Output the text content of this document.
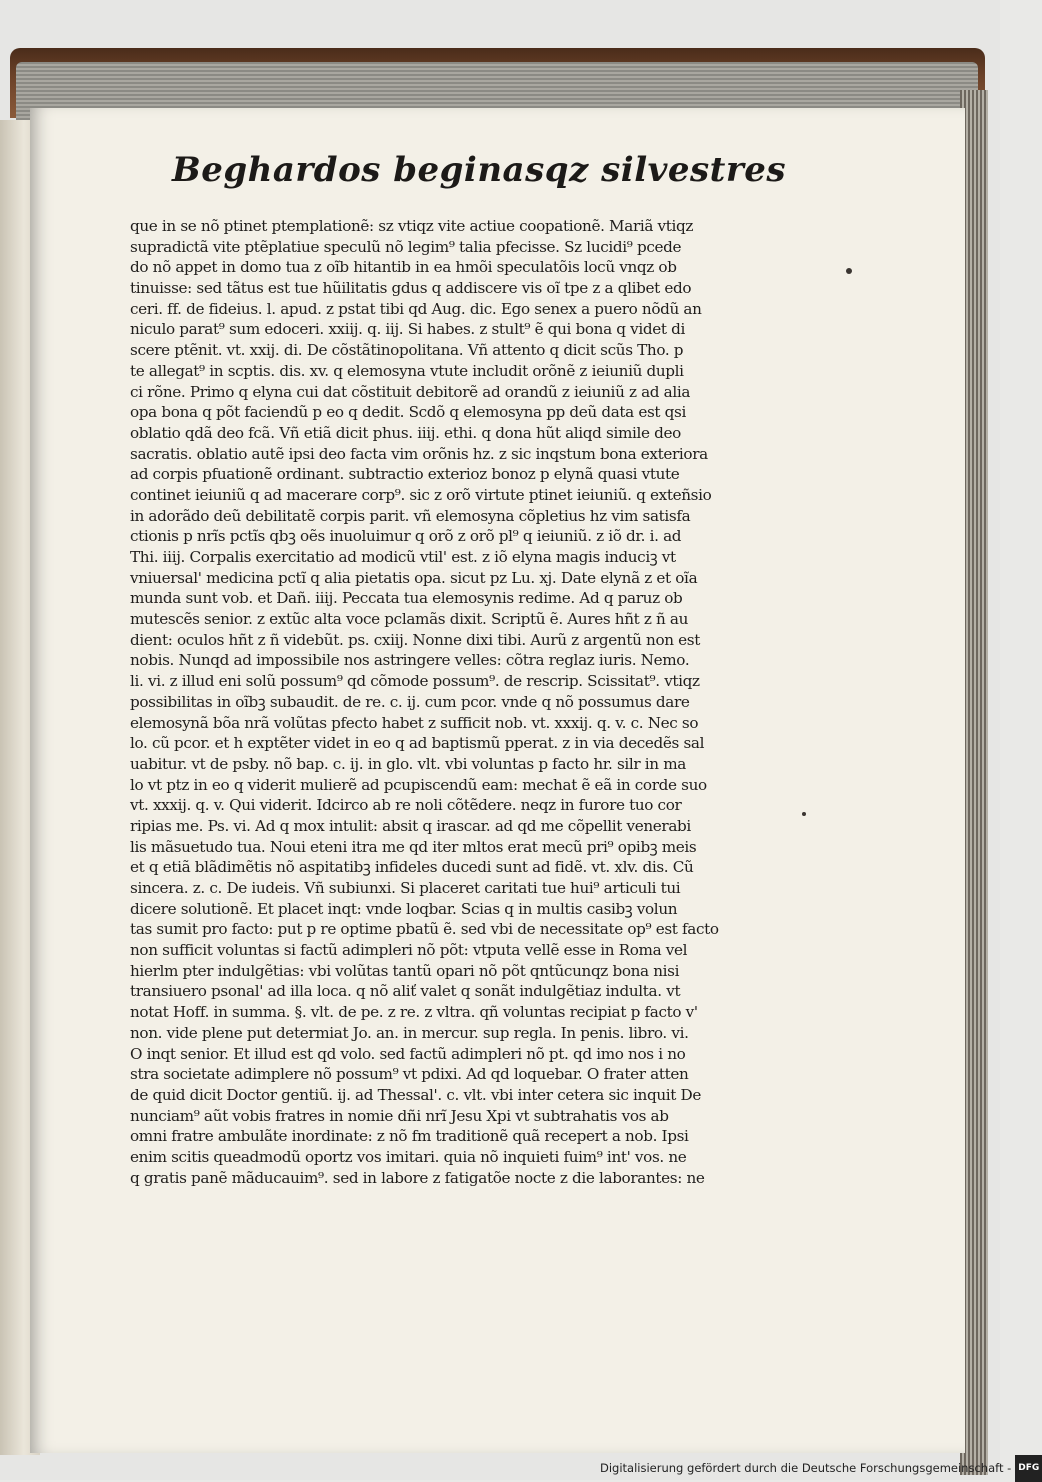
Beghardos beginasqz silvestres
que in se nõ ptinet ptemplationẽ: sz vtiqz vite actiue coopationẽ. Mariã vtiqz
supradictã vite ptẽplatiue speculũ nõ legim⁹ talia pfecisse. Sz lucidi⁹ pcede
do nõ appet in domo tua z oĩb hitantib in ea hmõi speculatõis locũ vnqz ob
tinuisse: sed tãtus est tue hũilitatis gdus q addiscere vis oĩ tpe z a qlibet edo
ceri. ff. de fideius. l. apud. z pstat tibi qd Aug. dic. Ego senex a puero nõdũ an
niculo parat⁹ sum edoceri. xxiij. q. iij. Si habes. z stult⁹ ẽ qui bona q videt di
scere ptẽnit. vt. xxij. di. De cõstãtinopolitana. Vñ attento q dicit scũs Tho. p
te allegat⁹ in scptis. dis. xv. q elemosyna vtute includit orõnẽ z ieiuniũ dupli
ci rõne. Primo q elyna cui dat cõstituit debitorẽ ad orandũ z ieiuniũ z ad alia
opa bona q põt faciendũ p eo q dedit. Scdõ q elemosyna pp deũ data est qsi
oblatio qdã deo fcã. Vñ etiã dicit phus. iiij. ethi. q dona hũt aliqd simile deo
sacratis. oblatio autẽ ipsi deo facta vim orõnis hz. z sic inqstum bona exteriora
ad corpis pfuationẽ ordinant. subtractio exterioz bonoz p elynã quasi vtute
continet ieiuniũ q ad macerare corp⁹. sic z orõ virtute ptinet ieiuniũ. q exteñsio
in adorãdo deũ debilitatẽ corpis parit. vñ elemosyna cõpletius hz vim satisfa
ctionis p nrĩs pctĩs qbꝫ oẽs inuoluimur q orõ z orõ pl⁹ q ieiuniũ. z iõ dr. i. ad
Thi. iiij. Corpalis exercitatio ad modicũ vtil' est. z iõ elyna magis induciꝫ vt
vniuersal' medicina pctĩ q alia pietatis opa. sicut pz Lu. xj. Date elynã z et oĩa
munda sunt vob. et Dañ. iiij. Peccata tua elemosynis redime. Ad q paruz ob
mutescẽs senior. z extũc alta voce pclamãs dixit. Scriptũ ẽ. Aures hñt z ñ au
dient: oculos hñt z ñ videbũt. ps. cxiij. Nonne dixi tibi. Aurũ z argentũ non est
nobis. Nunqd ad impossibile nos astringere velles: cõtra reglaz iuris. Nemo.
li. vi. z illud eni solũ possum⁹ qd cõmode possum⁹. de rescrip. Scissitat⁹. vtiqz
possibilitas in oĩbꝫ subaudit. de re. c. ij. cum pcor. vnde q nõ possumus dare
elemosynã bõa nrã volũtas pfecto habet z sufficit nob. vt. xxxij. q. v. c. Nec so
lo. cũ pcor. et h exptẽter videt in eo q ad baptismũ pperat. z in via decedẽs sal
uabitur. vt de psby. nõ bap. c. ij. in glo. vlt. vbi voluntas p facto hr. silr in ma
lo vt ptz in eo q viderit mulierẽ ad pcupiscendũ eam: mechat ẽ eã in corde suo
vt. xxxij. q. v. Qui viderit. Idcirco ab re noli cõtẽdere. neqz in furore tuo cor
ripias me. Ps. vi. Ad q mox intulit: absit q irascar. ad qd me cõpellit venerabi
lis mãsuetudo tua. Noui eteni itra me qd iter mltos erat mecũ pri⁹ opibꝫ meis
et q etiã blãdimẽtis nõ aspitatibꝫ infideles ducedi sunt ad fidẽ. vt. xlv. dis. Cũ
sincera. z. c. De iudeis. Vñ subiunxi. Si placeret caritati tue hui⁹ articuli tui
dicere solutionẽ. Et placet inqt: vnde loqbar. Scias q in multis casibꝫ volun
tas sumit pro facto: put p re optime pbatũ ẽ. sed vbi de necessitate op⁹ est facto
non sufficit voluntas si factũ adimpleri nõ põt: vtputa vellẽ esse in Roma vel
hierlm pter indulgẽtias: vbi volũtas tantũ opari nõ põt qntũcunqz bona nisi
transiuero psonal' ad illa loca. q nõ aliť valet q sonãt indulgẽtiaz indulta. vt
notat Hoff. in summa. §. vlt. de pe. z re. z vltra. qñ voluntas recipiat p facto v'
non. vide plene put determiat Jo. an. in mercur. sup regla. In penis. libro. vi.
O inqt senior. Et illud est qd volo. sed factũ adimpleri nõ pt. qd imo nos i no
stra societate adimplere nõ possum⁹ vt pdixi. Ad qd loquebar. O frater atten
de quid dicit Doctor gentiũ. ij. ad Thessal'. c. vlt. vbi inter cetera sic inquit De
nunciam⁹ aũt vobis fratres in nomie dñi nrĩ Jesu Xpi vt subtrahatis vos ab
omni fratre ambulãte inordinate: z nõ fm traditionẽ quã recepert a nob. Ipsi
enim scitis queadmodũ oportz vos imitari. quia nõ inquieti fuim⁹ int' vos. ne
q gratis panẽ mãducauim⁹. sed in labore z fatigatõe nocte z die laborantes: ne
Digitalisierung gefördert durch die Deutsche Forschungsgemeinschaft - DFG
